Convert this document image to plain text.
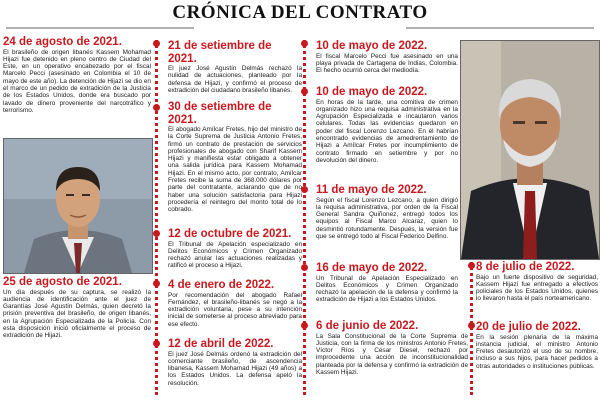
CRÓNICA DEL CONTRATO
24 de agosto de 2021.
El brasileño de origen libanés Kassem Mohamad Hijazi fue detenido en pleno centro de Ciudad del Este, en un operativo encabezado por el fiscal Marcelo Pecci (asesinado en Colombia el 10 de mayo de este año). La detención de Hijazi se dio en el marco de un pedido de extradición de la Justicia de los Estados Unidos, donde era buscado por lavado de dinero proveniente del narcotráfico y terrorismo.
25 de agosto de 2021.
Un día después de su captura, se realizó la audiencia de identificación ante el juez de Garantías José Agustín Delmás, quien decretó la prisión preventiva del brasileño, de origen libanés, en la Agrupación Especializada de la Policía. Con esta disposición inició oficialmente el proceso de extradición de Hijazi.
21 de setiembre de 2021.
El juez José Agustín Delmás rechazó la nulidad de actuaciones, planteado por la defensa de Hijazi, y confirmó el proceso de extradición del ciudadano brasileño libanés.
30 de setiembre de 2021.
El abogado Amílcar Fretes, hijo del ministro de la Corte Suprema de Justicia Antonio Fretes, firmó un contrato de prestación de servicios profesionales de abogado con Sharif Kassem Hijazi y manifiesta estar obligado a obtener una salida jurídica para Kassem Mohamad Hijazi. En el mismo acto, por contrato, Amílcar Fretes recibe la suma de 368.000 dólares por parte del contratante, aclarando que de no haber una solución satisfactoria para Hijazi procedería el reintegro del monto total de lo cobrado.
12 de octubre de 2021.
El Tribunal de Apelación especializado en Delitos Económicos y Crimen Organizado rechazó anular las actuaciones realizadas y ratificó el proceso a Hijazi.
4 de enero de 2022.
Por recomendación del abogado Rafael Fernández, el brasileño-libanés se negó a la extradición voluntaria, pese a su intención inicial de someterse al proceso abreviado para ese efecto.
12 de abril de 2022.
El juez José Delmás ordenó la extradición del comerciante brasileño, de ascendencia libanesa, Kassem Mohamad Hijazi (49 años) a los Estados Unidos. La defensa apeló la resolución.
10 de mayo de 2022.
El fiscal Marcelo Pecci fue asesinado en una playa privada de Cartagena de Indias, Colombia. El hecho ocurrió cerca del mediodía.
10 de mayo de 2022.
En horas de la tarde, una comitiva de crimen organizado hizo una requisa administrativa en la Agrupación Especializada e incautaron varios celulares. Todas las evidencias quedaron en poder del fiscal Lorenzo Lezcano. En él habrían encontrado evidencias de amedrentamiento de Hijazi a Amílcar Fretes por incumplimiento de contrato firmado en setiembre y por no devolución del dinero.
11 de mayo de 2022.
Según el fiscal Lorenzo Lezcano, a quien dirigió la requisa administrativa, por orden de la Fiscal General Sandra Quiñonez, entregó todos los equipos al Fiscal Marco Alcaraz, quien lo desmintió rotundamente. Después, la versión fue que se entregó todo al Fiscal Federico Delfino.
16 de mayo de 2022.
Un Tribunal de Apelación Especializado en Delitos Económicos y Crimen Organizado rechazó la apelación de la defensa y confirmó la extradición de Hijazi a los Estados Unidos.
6 de junio de 2022.
La Sala Constitucional de la Corte Suprema de Justicia, con la firma de los ministros Antonio Fretes, Víctor Ríos y César Diesel, rechazó por improcedente una acción de inconstitucionalidad planteada por la defensa y confirmó la extradición de Kassem Hijazi.
8 de julio de 2022.
Bajo un fuerte dispositivo de seguridad, Kassem Hijazi fue entregado a efectivos policiales de los Estados Unidos, quienes lo llevaron hasta el país norteamericano.
20 de julio de 2022.
En la sesión plenaria de la máxima instancia judicial, el ministro Antonio Fretes desautorizó el uso de su nombre, incluso a sus hijos, para hacer pedidos a otras autoridades o instituciones públicas.
